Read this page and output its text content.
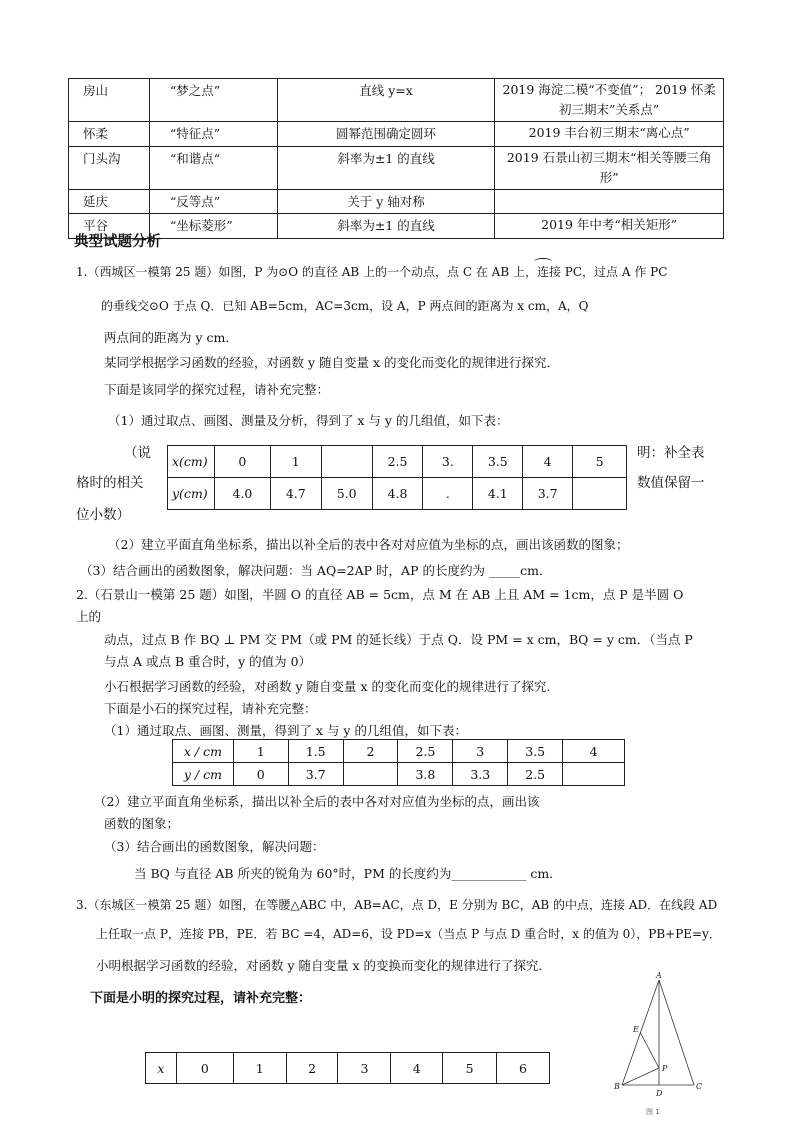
房山	“梦之点”	直线 y=x	2019 海淀二模“不变值”； 2019 怀柔初三期末”关系点”
怀柔	“特征点”	圆幂范围确定圆环	2019 丰台初三期末“离心点”
门头沟	“和谐点“	斜率为±1 的直线	2019 石景山初三期末“相关等腰三角形”
延庆	“反等点”	关于 y 轴对称	
平谷	“坐标菱形”	斜率为±1 的直线	2019 年中考“相关矩形”
典型试题分析
1.（西城区一模第 25 题）如图，P 为⊙O 的直径 AB 上的一个动点，点 C 在 AB 上，连接 PC，过点 A 作 PC
的垂线交⊙O 于点 Q．已知 AB=5cm，AC=3cm，设 A，P 两点间的距离为 x cm，A，Q
两点间的距离为 y cm．
某同学根据学习函数的经验，对函数 y 随自变量 x 的变化而变化的规律进行探究．
下面是该同学的探究过程，请补充完整：
（1）通过取点、画图、测量及分析，得到了 x 与 y 的几组值，如下表：
（说
格时的相关
位小数）
明：补全表
数值保留一
x(cm)	0	1		2.5	3.	3.5	4	5
y(cm)	4.0	4.7	5.0	4.8	.	4.1	3.7	
（2）建立平面直角坐标系，描出以补全后的表中各对对应值为坐标的点，画出该函数的图象；
（3）结合画出的函数图象，解决问题：当 AQ=2AP 时，AP 的长度约为 _____cm．
2.（石景山一模第 25 题）如图，半圆 O 的直径 AB = 5cm，点 M 在 AB 上且 AM = 1cm，点 P 是半圆 O
上的
动点，过点 B 作 BQ ⊥ PM 交 PM（或 PM 的延长线）于点 Q．设 PM = x cm，BQ = y cm．（当点 P
与点 A 或点 B 重合时，y 的值为 0）
小石根据学习函数的经验，对函数 y 随自变量 x 的变化而变化的规律进行了探究.
下面是小石的探究过程，请补充完整：
（1）通过取点、画图、测量，得到了 x 与 y 的几组值，如下表：
x / cm	1	1.5	2	2.5	3	3.5	4
y / cm	0	3.7		3.8	3.3	2.5	
（2）建立平面直角坐标系，描出以补全后的表中各对对应值为坐标的点，画出该
函数的图象；
（3）结合画出的函数图象，解决问题：
当 BQ 与直径 AB 所夹的锐角为 60°时，PM 的长度约为____________ cm．
3.（东城区一模第 25 题）如图，在等腰△ABC 中，AB=AC，点 D，E 分别为 BC，AB 的中点，连接 AD．在线段 AD
上任取一点 P，连接 PB，PE．若 BC =4，AD=6，设 PD=x（当点 P 与点 D 重合时，x 的值为 0），PB+PE=y．
小明根据学习函数的经验，对函数 y 随自变量 x 的变换而变化的规律进行了探究．
下面是小明的探究过程，请补充完整：
x	0	1	2	3	4	5	6
A
B	C
D
E
P
图 1
